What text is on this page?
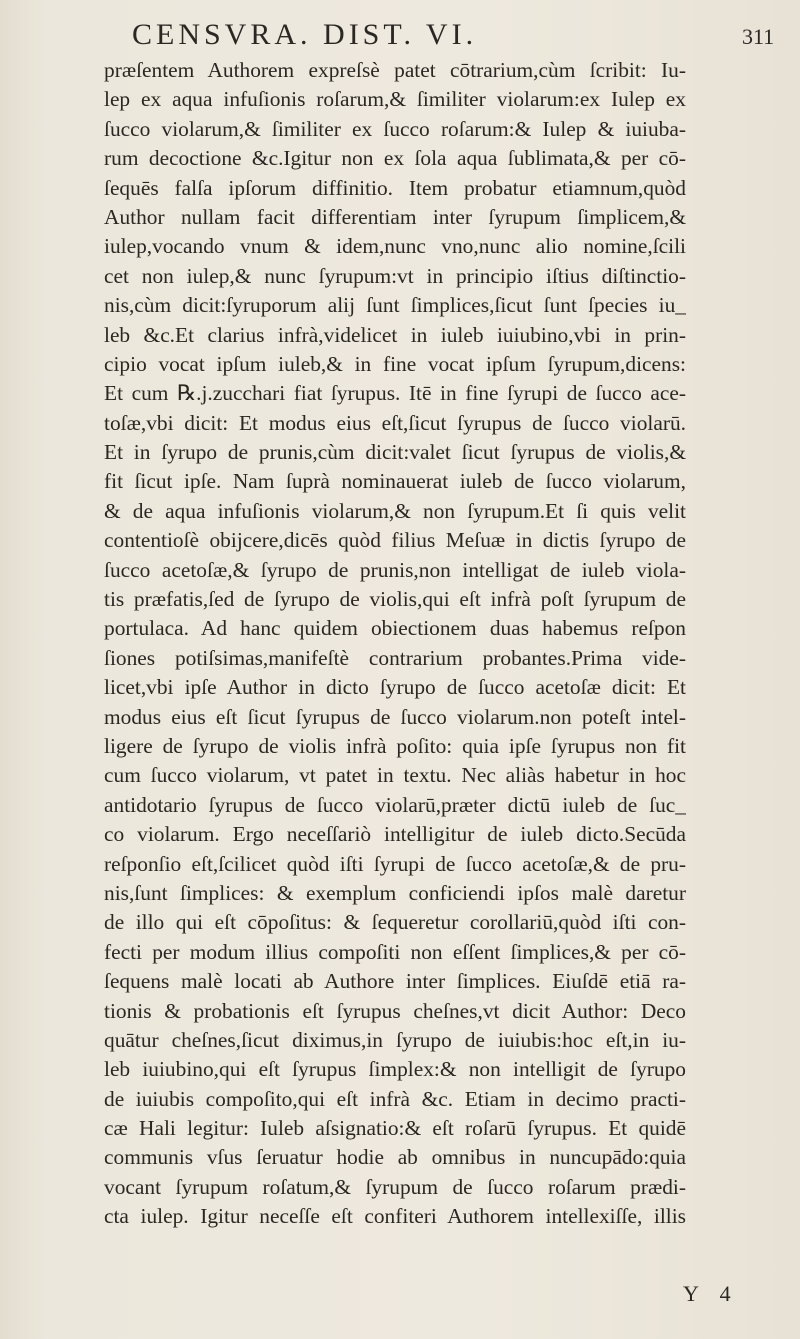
CENSVRA. DIST. VI.	311
præſentem Authorem expreſsè patet cōtrarium,cùm ſcribit: Iu-
lep ex aqua infuſionis roſarum,& ſimiliter violarum:ex Iulep ex
ſucco violarum,& ſimiliter ex ſucco roſarum:& Iulep & iuiuba-
rum decoctione &c.Igitur non ex ſola aqua ſublimata,& per cō-
ſequēs falſa ipſorum diffinitio. Item probatur etiamnum,quòd
Author nullam facit differentiam inter ſyrupum ſimplicem,&
iulep,vocando vnum & idem,nunc vno,nunc alio nomine,ſcili
cet non iulep,& nunc ſyrupum:vt in principio iſtius diſtinctio-
nis,cùm dicit:ſyruporum alij ſunt ſimplices,ſicut ſunt ſpecies iu_
leb &c.Et clarius infrà,videlicet in iuleb iuiubino,vbi in prin-
cipio vocat ipſum iuleb,& in fine vocat ipſum ſyrupum,dicens:
Et cum ℞.j.zucchari fiat ſyrupus. Itē in fine ſyrupi de ſucco ace-
toſæ,vbi dicit: Et modus eius eſt,ſicut ſyrupus de ſucco violarū.
Et in ſyrupo de prunis,cùm dicit:valet ſicut ſyrupus de violis,&
fit ſicut ipſe. Nam ſuprà nominauerat iuleb de ſucco violarum,
& de aqua infuſionis violarum,& non ſyrupum.Et ſi quis velit
contentioſè obijcere,dicēs quòd filius Meſuæ in dictis ſyrupo de
ſucco acetoſæ,& ſyrupo de prunis,non intelligat de iuleb viola-
tis præfatis,ſed de ſyrupo de violis,qui eſt infrà poſt ſyrupum de
portulaca. Ad hanc quidem obiectionem duas habemus reſpon
ſiones potiſsimas,manifeſtè contrarium probantes.Prima vide-
licet,vbi ipſe Author in dicto ſyrupo de ſucco acetoſæ dicit: Et
modus eius eſt ſicut ſyrupus de ſucco violarum.non poteſt intel-
ligere de ſyrupo de violis infrà poſito: quia ipſe ſyrupus non fit
cum ſucco violarum, vt patet in textu. Nec aliàs habetur in hoc
antidotario ſyrupus de ſucco violarū,præter dictū iuleb de ſuc_
co violarum. Ergo neceſſariò intelligitur de iuleb dicto.Secūda
reſponſio eſt,ſcilicet quòd iſti ſyrupi de ſucco acetoſæ,& de pru-
nis,ſunt ſimplices: & exemplum conficiendi ipſos malè daretur
de illo qui eſt cōpoſitus: & ſequeretur corollariū,quòd iſti con-
fecti per modum illius compoſiti non eſſent ſimplices,& per cō-
ſequens malè locati ab Authore inter ſimplices. Eiuſdē etiā ra-
tionis & probationis eſt ſyrupus cheſnes,vt dicit Author: Deco
quātur cheſnes,ſicut diximus,in ſyrupo de iuiubis:hoc eſt,in iu-
leb iuiubino,qui eſt ſyrupus ſimplex:& non intelligit de ſyrupo
de iuiubis compoſito,qui eſt infrà &c. Etiam in decimo practi-
cæ Hali legitur: Iuleb aſsignatio:& eſt roſarū ſyrupus. Et quidē
communis vſus ſeruatur hodie ab omnibus in nuncupādo:quia
vocant ſyrupum roſatum,& ſyrupum de ſucco roſarum prædi-
cta iulep. Igitur neceſſe eſt confiteri Authorem intellexiſſe, illis
Y 4
